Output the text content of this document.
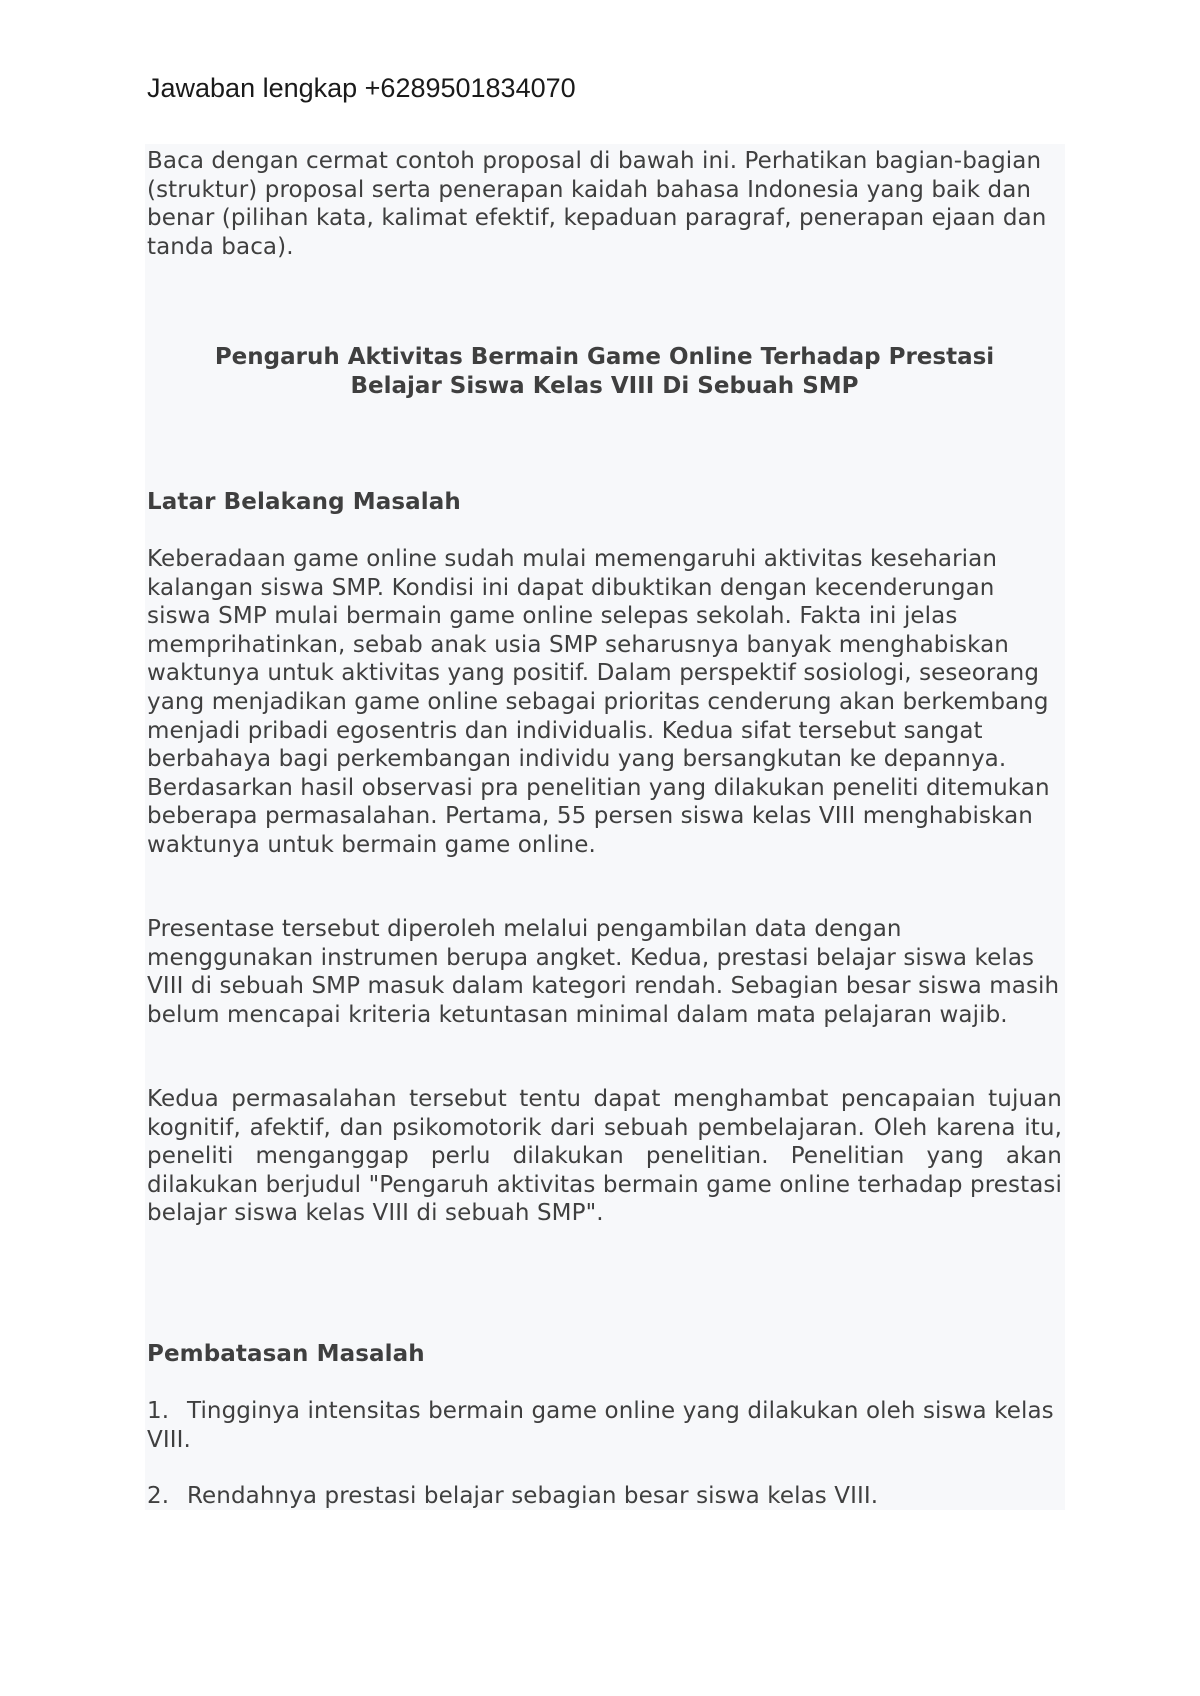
Jawaban lengkap +6289501834070

Baca dengan cermat contoh proposal di bawah ini. Perhatikan bagian-bagian (struktur) proposal serta penerapan kaidah bahasa Indonesia yang baik dan benar (pilihan kata, kalimat efektif, kepaduan paragraf, penerapan ejaan dan tanda baca).

Pengaruh Aktivitas Bermain Game Online Terhadap Prestasi
Belajar Siswa Kelas VIII Di Sebuah SMP
Latar Belakang Masalah

Keberadaan game online sudah mulai memengaruhi aktivitas keseharian kalangan siswa SMP. Kondisi ini dapat dibuktikan dengan kecenderungan siswa SMP mulai bermain game online selepas sekolah. Fakta ini jelas memprihatinkan, sebab anak usia SMP seharusnya banyak menghabiskan waktunya untuk aktivitas yang positif. Dalam perspektif sosiologi, seseorang yang menjadikan game online sebagai prioritas cenderung akan berkembang menjadi pribadi egosentris dan individualis. Kedua sifat tersebut sangat berbahaya bagi perkembangan individu yang bersangkutan ke depannya. Berdasarkan hasil observasi pra penelitian yang dilakukan peneliti ditemukan beberapa permasalahan. Pertama, 55 persen siswa kelas VIII menghabiskan waktunya untuk bermain game online.

Presentase tersebut diperoleh melalui pengambilan data dengan menggunakan instrumen berupa angket. Kedua, prestasi belajar siswa kelas VIII di sebuah SMP masuk dalam kategori rendah. Sebagian besar siswa masih belum mencapai kriteria ketuntasan minimal dalam mata pelajaran wajib.

Kedua permasalahan tersebut tentu dapat menghambat pencapaian tujuan kognitif, afektif, dan psikomotorik dari sebuah pembelajaran. Oleh karena itu, peneliti menganggap perlu dilakukan penelitian. Penelitian yang akan dilakukan berjudul "Pengaruh aktivitas bermain game online terhadap prestasi belajar siswa kelas VIII di sebuah SMP".

Pembatasan Masalah
1. Tingginya intensitas bermain game online yang dilakukan oleh siswa kelas VIII.
2. Rendahnya prestasi belajar sebagian besar siswa kelas VIII.
